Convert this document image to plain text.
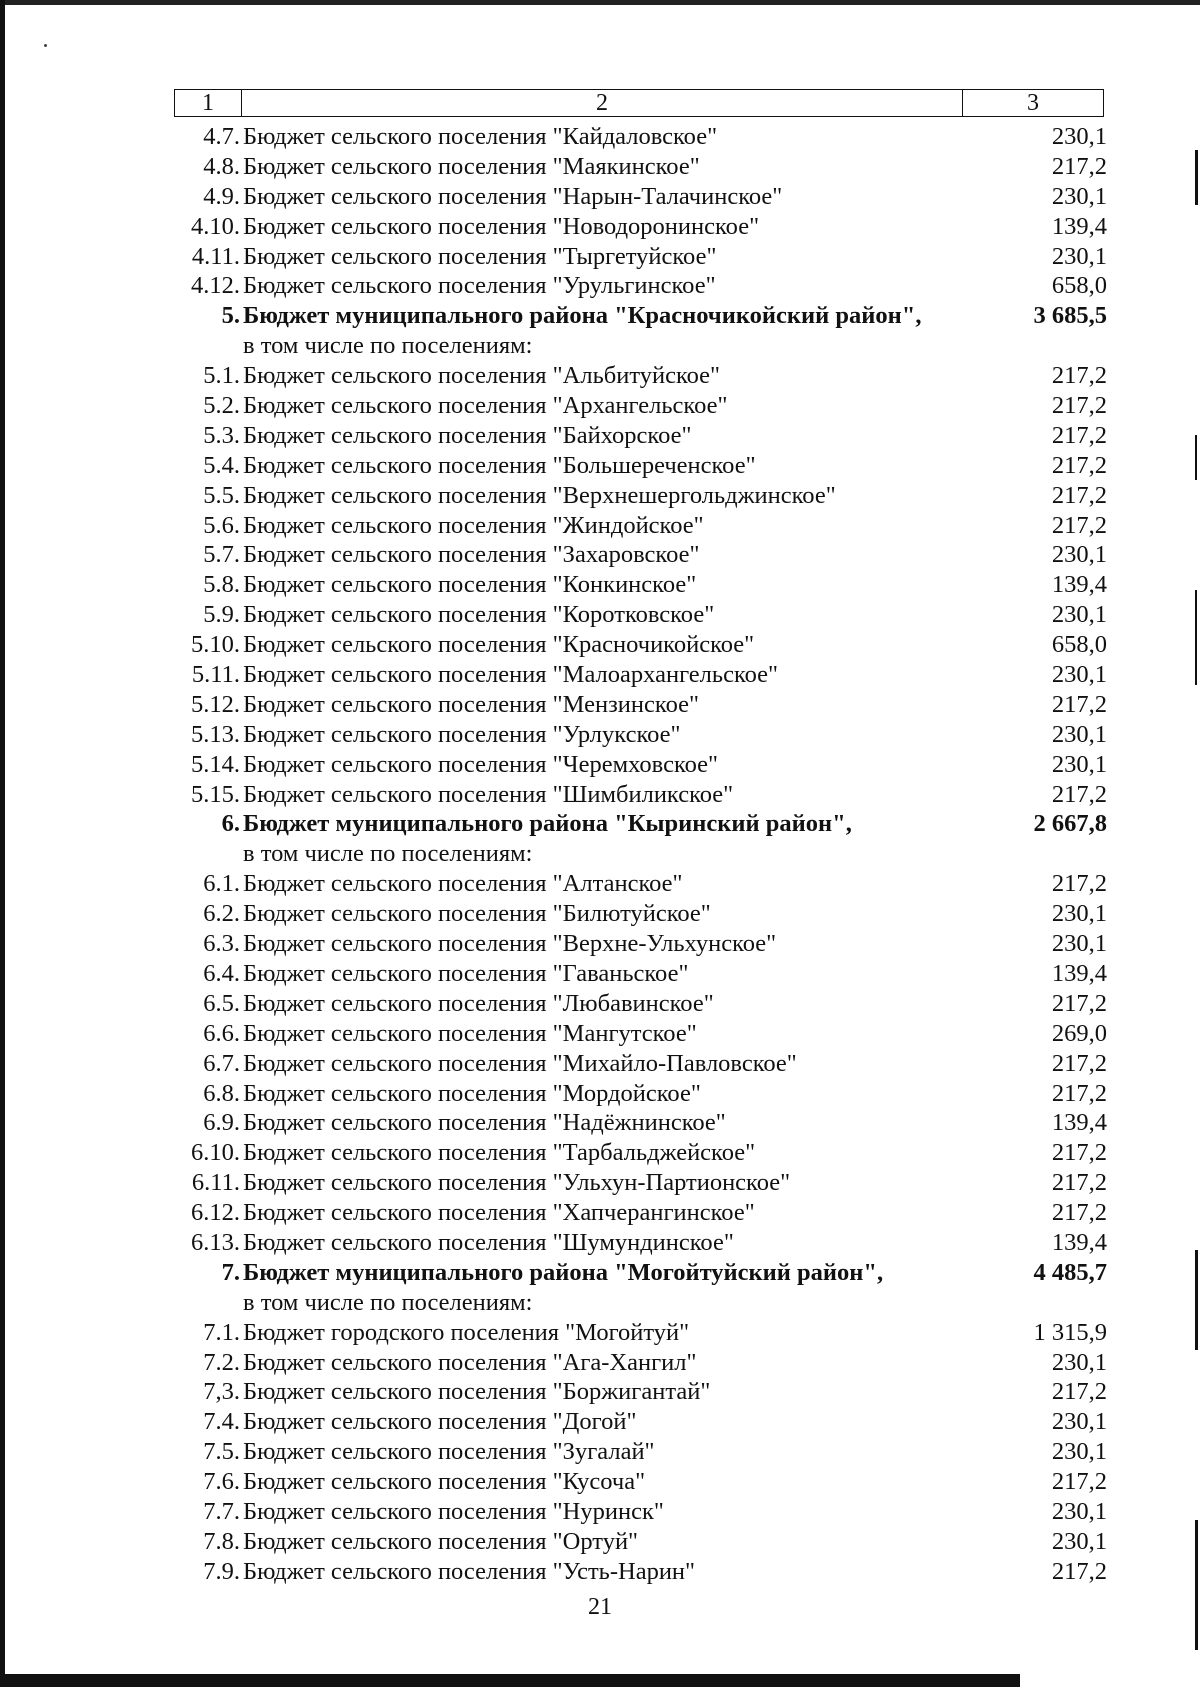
1	2	3
4.7. Бюджет сельского поселения "Кайдаловское"	230,1
4.8. Бюджет сельского поселения "Маякинское"	217,2
4.9. Бюджет сельского поселения "Нарын-Талачинское"	230,1
4.10. Бюджет сельского поселения "Новодоронинское"	139,4
4.11. Бюджет сельского поселения "Тыргетуйское"	230,1
4.12. Бюджет сельского поселения "Урульгинское"	658,0
5. Бюджет муниципального района "Красночикойский район",	3 685,5
в том числе по поселениям:
5.1. Бюджет сельского поселения "Альбитуйское"	217,2
5.2. Бюджет сельского поселения "Архангельское"	217,2
5.3. Бюджет сельского поселения "Байхорское"	217,2
5.4. Бюджет сельского поселения "Большереченское"	217,2
5.5. Бюджет сельского поселения "Верхнешергольджинское"	217,2
5.6. Бюджет сельского поселения "Жиндойское"	217,2
5.7. Бюджет сельского поселения "Захаровское"	230,1
5.8. Бюджет сельского поселения "Конкинское"	139,4
5.9. Бюджет сельского поселения "Коротковское"	230,1
5.10. Бюджет сельского поселения "Красночикойское"	658,0
5.11. Бюджет сельского поселения "Малоархангельское"	230,1
5.12. Бюджет сельского поселения "Мензинское"	217,2
5.13. Бюджет сельского поселения "Урлукское"	230,1
5.14. Бюджет сельского поселения "Черемховское"	230,1
5.15. Бюджет сельского поселения "Шимбиликское"	217,2
6. Бюджет муниципального района "Кыринский район",	2 667,8
в том числе по поселениям:
6.1. Бюджет сельского поселения "Алтанское"	217,2
6.2. Бюджет сельского поселения "Билютуйское"	230,1
6.3. Бюджет сельского поселения "Верхне-Ульхунское"	230,1
6.4. Бюджет сельского поселения "Гаваньское"	139,4
6.5. Бюджет сельского поселения "Любавинское"	217,2
6.6. Бюджет сельского поселения "Мангутское"	269,0
6.7. Бюджет сельского поселения "Михайло-Павловское"	217,2
6.8. Бюджет сельского поселения "Мордойское"	217,2
6.9. Бюджет сельского поселения "Надёжнинское"	139,4
6.10. Бюджет сельского поселения "Тарбальджейское"	217,2
6.11. Бюджет сельского поселения "Ульхун-Партионское"	217,2
6.12. Бюджет сельского поселения "Хапчерангинское"	217,2
6.13. Бюджет сельского поселения "Шумундинское"	139,4
7. Бюджет муниципального района "Могойтуйский район",	4 485,7
в том числе по поселениям:
7.1. Бюджет городского поселения "Могойтуй"	1 315,9
7.2. Бюджет сельского поселения "Ага-Хангил"	230,1
7,3. Бюджет сельского поселения "Боржигантай"	217,2
7.4. Бюджет сельского поселения "Догой"	230,1
7.5. Бюджет сельского поселения "Зугалай"	230,1
7.6. Бюджет сельского поселения "Кусоча"	217,2
7.7. Бюджет сельского поселения "Нуринск"	230,1
7.8. Бюджет сельского поселения "Ортуй"	230,1
7.9. Бюджет сельского поселения "Усть-Нарин"	217,2
21
